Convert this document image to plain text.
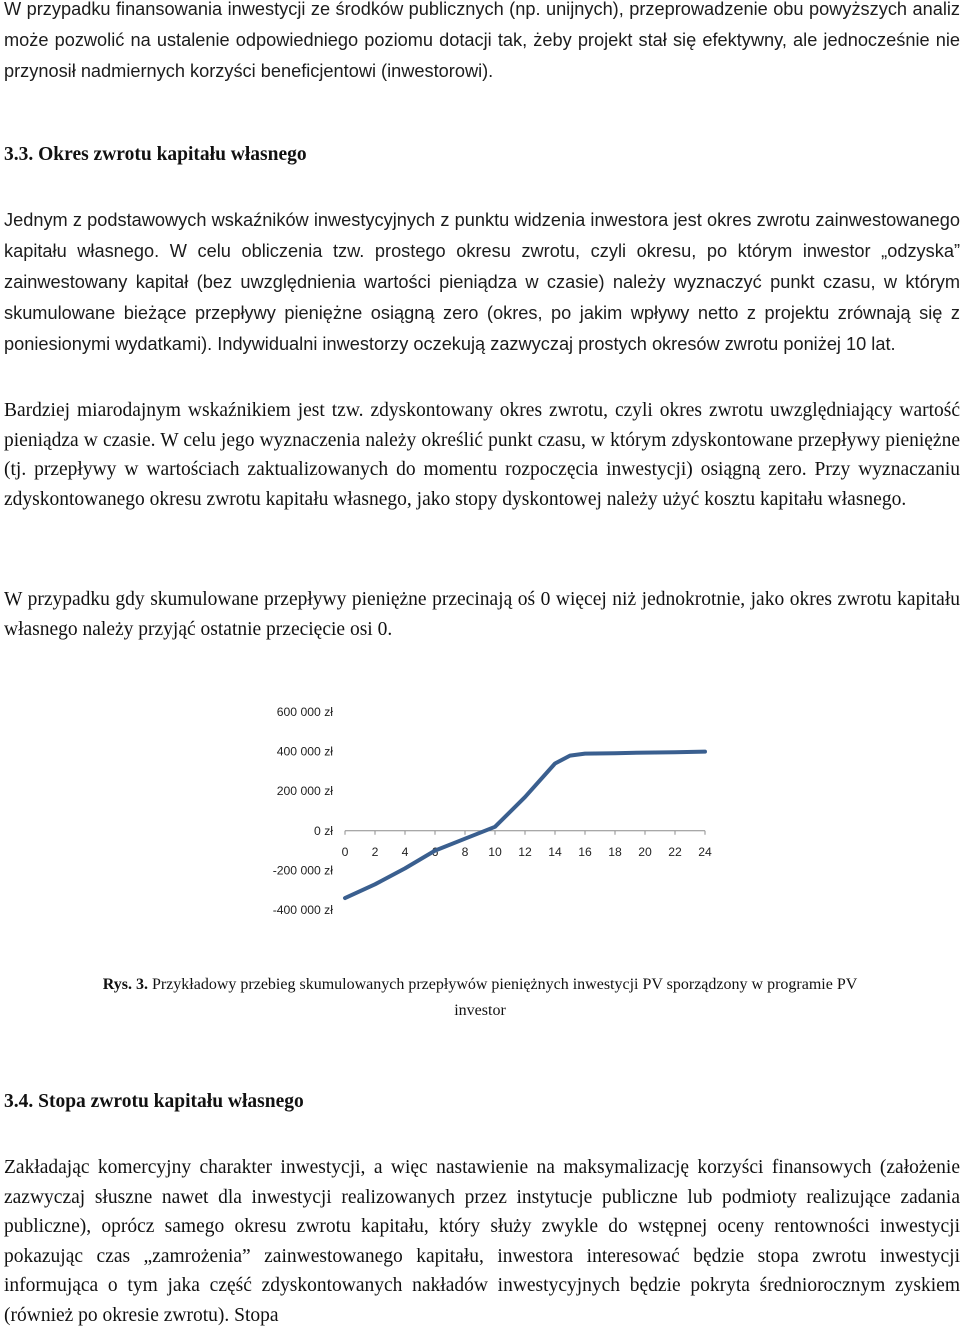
W przypadku finansowania inwestycji ze środków publicznych (np. unijnych), przeprowadzenie obu powyższych analiz może pozwolić na ustalenie odpowiedniego poziomu dotacji tak, żeby projekt stał się efektywny, ale jednocześnie nie przynosił nadmiernych korzyści beneficjentowi (inwestorowi).

3.3. Okres zwrotu kapitału własnego

Jednym z podstawowych wskaźników inwestycyjnych z punktu widzenia inwestora jest okres zwrotu zainwestowanego kapitału własnego. W celu obliczenia tzw. prostego okresu zwrotu, czyli okresu, po którym inwestor „odzyska” zainwestowany kapitał (bez uwzględnienia wartości pieniądza w czasie) należy wyznaczyć punkt czasu, w którym skumulowane bieżące przepływy pieniężne osiągną zero (okres, po jakim wpływy netto z projektu zrównają się z poniesionymi wydatkami). Indywidualni inwestorzy oczekują zazwyczaj prostych okresów zwrotu poniżej 10 lat.

Bardziej miarodajnym wskaźnikiem jest tzw. zdyskontowany okres zwrotu, czyli okres zwrotu uwzględniający wartość pieniądza w czasie. W celu jego wyznaczenia należy określić punkt czasu, w którym zdyskontowane przepływy pieniężne (tj. przepływy w wartościach zaktualizowanych do momentu rozpoczęcia inwestycji) osiągną zero. Przy wyznaczaniu zdyskontowanego okresu zwrotu kapitału własnego, jako stopy dyskontowej należy użyć kosztu kapitału własnego.

W przypadku gdy skumulowane przepływy pieniężne przecinają oś 0 więcej niż jednokrotnie, jako okres zwrotu kapitału własnego należy przyjąć ostatnie przecięcie osi 0.

600 000 zł
400 000 zł
200 000 zł
0 zł
-200 000 zł
-400 000 zł
0 2 4 6 8 10 12 14 16 18 20 22 24
Rys. 3. Przykładowy przebieg skumulowanych przepływów pieniężnych inwestycji PV sporządzony w programie PV investor
3.4. Stopa zwrotu kapitału własnego

Zakładając komercyjny charakter inwestycji, a więc nastawienie na maksymalizację korzyści finansowych (założenie zazwyczaj słuszne nawet dla inwestycji realizowanych przez instytucje publiczne lub podmioty realizujące zadania publiczne), oprócz samego okresu zwrotu kapitału, który służy zwykle do wstępnej oceny rentowności inwestycji pokazując czas „zamrożenia” zainwestowanego kapitału, inwestora interesować będzie stopa zwrotu inwestycji informująca o tym jaka część zdyskontowanych nakładów inwestycyjnych będzie pokryta średniorocznym zyskiem (również po okresie zwrotu). Stopa
